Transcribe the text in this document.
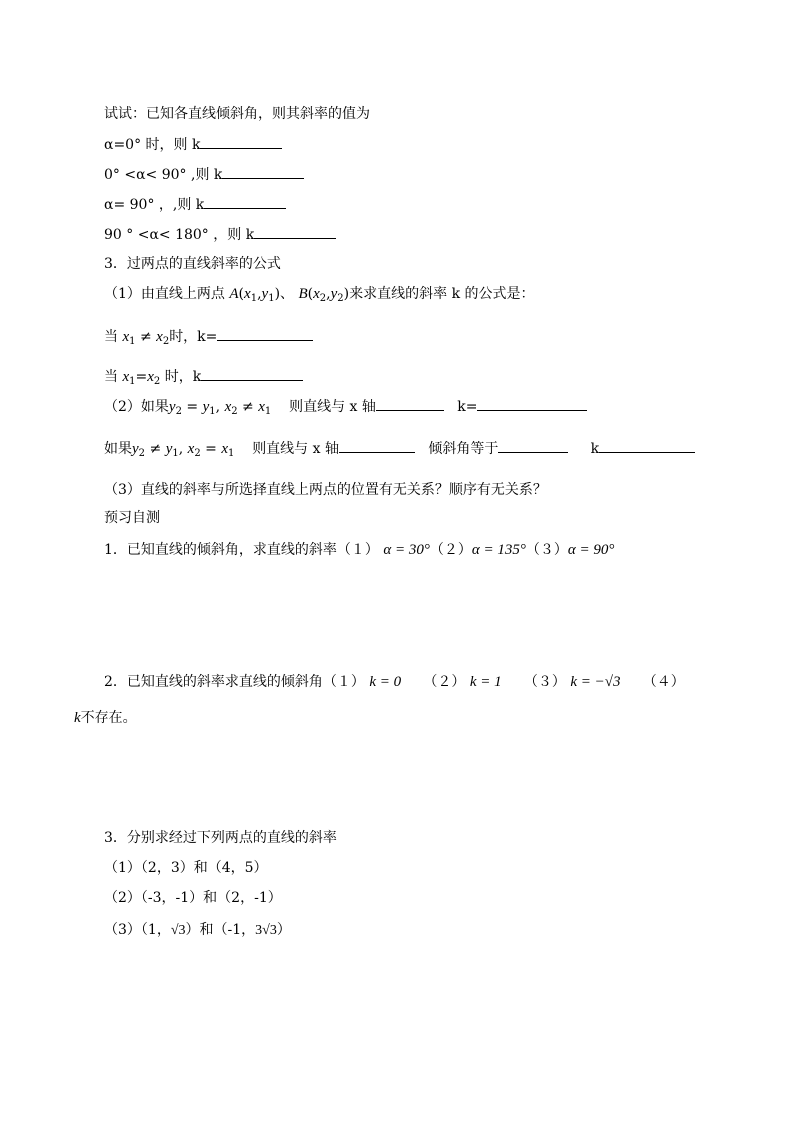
试试：已知各直线倾斜角，则其斜率的值为
α=0° 时，则 k
0° <α< 90° ,则 k
α= 90° ，,则 k
90 ° <α< 180° ，则 k
3．过两点的直线斜率的公式
（1）由直线上两点 $A(x_1,y_1)$、 $B(x_2,y_2)$来求直线的斜率 k 的公式是：
当 $x_1 \ne x_2$时，k=
当 $x_1=x_2$ 时，k
（2）如果$y_2 = y_1$, $x_2 \ne x_1$ 则直线与 x 轴	k=
如果$y_2 \ne y_1$, $x_2 = x_1$ 则直线与 x 轴	倾斜角等于	k
（3）直线的斜率与所选择直线上两点的位置有无关系？顺序有无关系？
预习自测
1．已知直线的倾斜角，求直线的斜率（１） α = 30°（２）α = 135°（３）α = 90°
2．已知直线的斜率求直线的倾斜角（１） k = 0 （２） k = 1 （３） k = −√3 （４）
k不存在。
3．分别求经过下列两点的直线的斜率
（1）（2，3）和（4，5）
（2）（-3，-1）和（2，-1）
（3）（1，√3）和（-1，3√3）
